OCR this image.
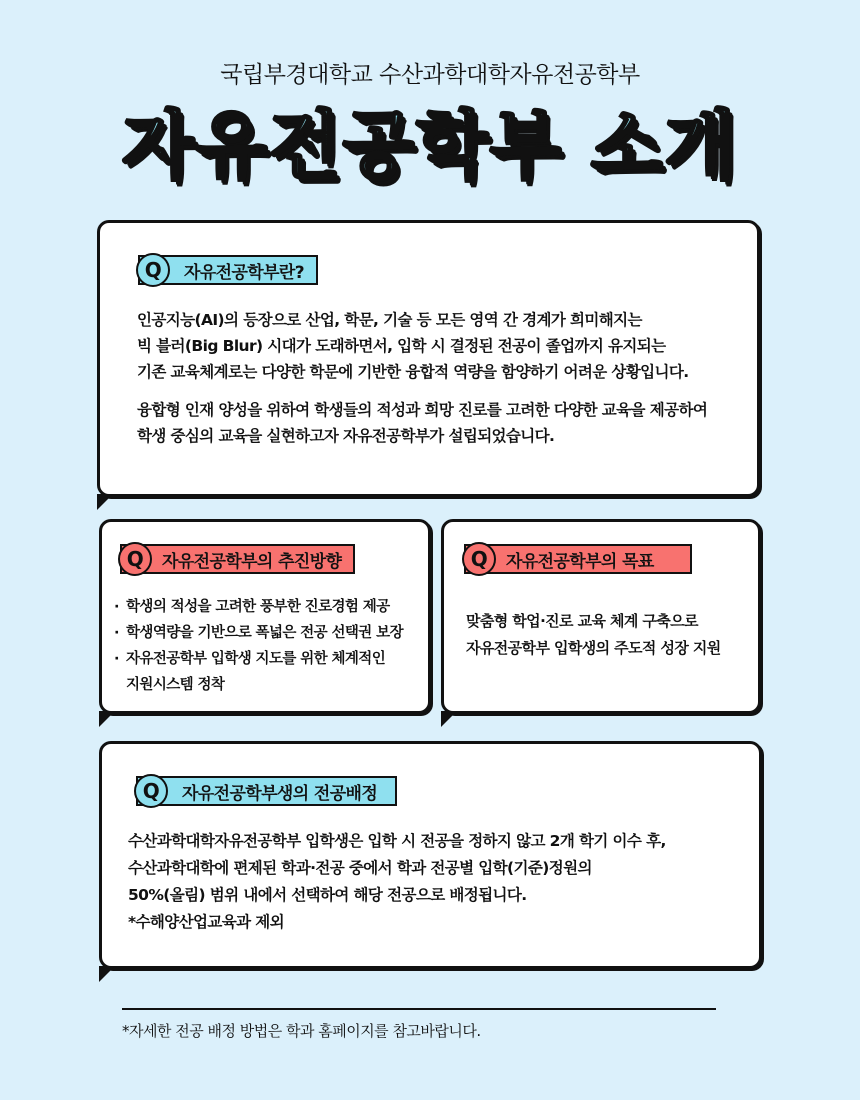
국립부경대학교 수산과학대학자유전공학부
자유전공학부 소개
Q	자유전공학부란?

인공지능(AI)의 등장으로 산업, 학문, 기술 등 모든 영역 간 경계가 희미해지는

빅 블러(Big Blur) 시대가 도래하면서, 입학 시 결정된 전공이 졸업까지 유지되는

기존 교육체계로는 다양한 학문에 기반한 융합적 역량을 함양하기 어려운 상황입니다.

융합형 인재 양성을 위하여 학생들의 적성과 희망 진로를 고려한 다양한 교육을 제공하여

학생 중심의 교육을 실현하고자 자유전공학부가 설립되었습니다.

Q	자유전공학부의 추진방향
· 학생의 적성을 고려한 풍부한 진로경험 제공
· 학생역량을 기반으로 폭넓은 전공 선택권 보장
· 자유전공학부 입학생 지도를 위한 체계적인

지원시스템 정착

Q	자유전공학부의 목표

맞춤형 학업·진로 교육 체계 구축으로

자유전공학부 입학생의 주도적 성장 지원

Q	자유전공학부생의 전공배정

수산과학대학자유전공학부 입학생은 입학 시 전공을 정하지 않고 2개 학기 이수 후,

수산과학대학에 편제된 학과·전공 중에서 학과 전공별 입학(기준)정원의

50%(올림) 범위 내에서 선택하여 해당 전공으로 배정됩니다.

*수해양산업교육과 제외

*자세한 전공 배정 방법은 학과 홈페이지를 참고바랍니다.
